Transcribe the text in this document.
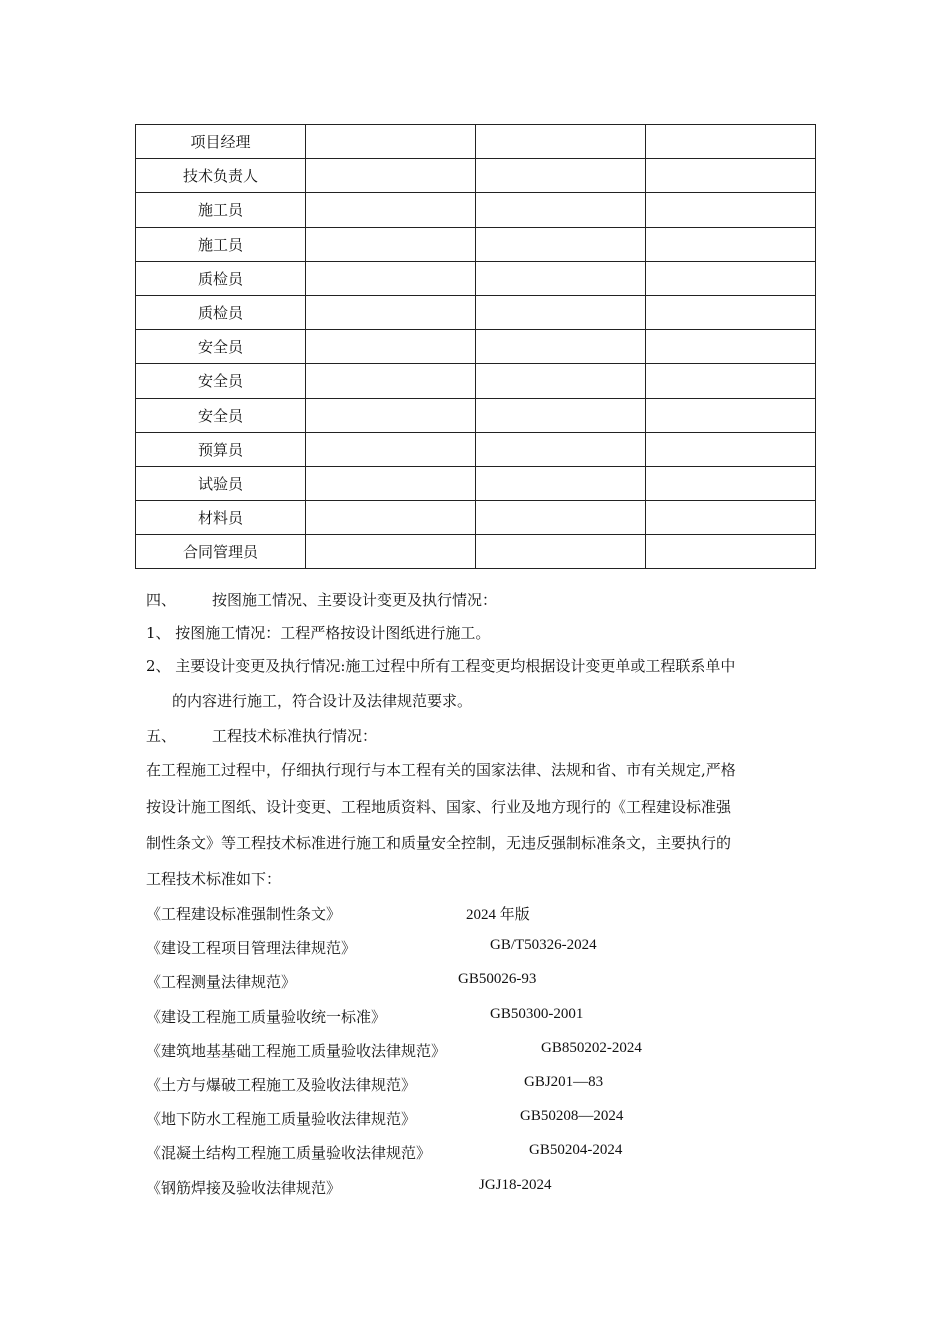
项目经理			
技术负责人			
施工员			
施工员			
质检员			
质检员			
安全员			
安全员			
安全员			
预算员			
试验员			
材料员			
合同管理员			
四、 按图施工情况、主要设计变更及执行情况：
1、 按图施工情况：工程严格按设计图纸进行施工。
2、 主要设计变更及执行情况:施工过程中所有工程变更均根据设计变更单或工程联系单中
的内容进行施工，符合设计及法律规范要求。
五、 工程技术标准执行情况：
在工程施工过程中，仔细执行现行与本工程有关的国家法律、法规和省、市有关规定,严格
按设计施工图纸、设计变更、工程地质资料、国家、行业及地方现行的《工程建设标准强
制性条文》等工程技术标准进行施工和质量安全控制，无违反强制标准条文，主要执行的
工程技术标准如下：
《工程建设标准强制性条文》	2024 年版
《建设工程项目管理法律规范》	GB/T50326-2024
《工程测量法律规范》	GB50026-93
《建设工程施工质量验收统一标准》	GB50300-2001
《建筑地基基础工程施工质量验收法律规范》	GB850202-2024
《土方与爆破工程施工及验收法律规范》	GBJ201—83
《地下防水工程施工质量验收法律规范》	GB50208—2024
《混凝土结构工程施工质量验收法律规范》	GB50204-2024
《钢筋焊接及验收法律规范》	JGJ18-2024
